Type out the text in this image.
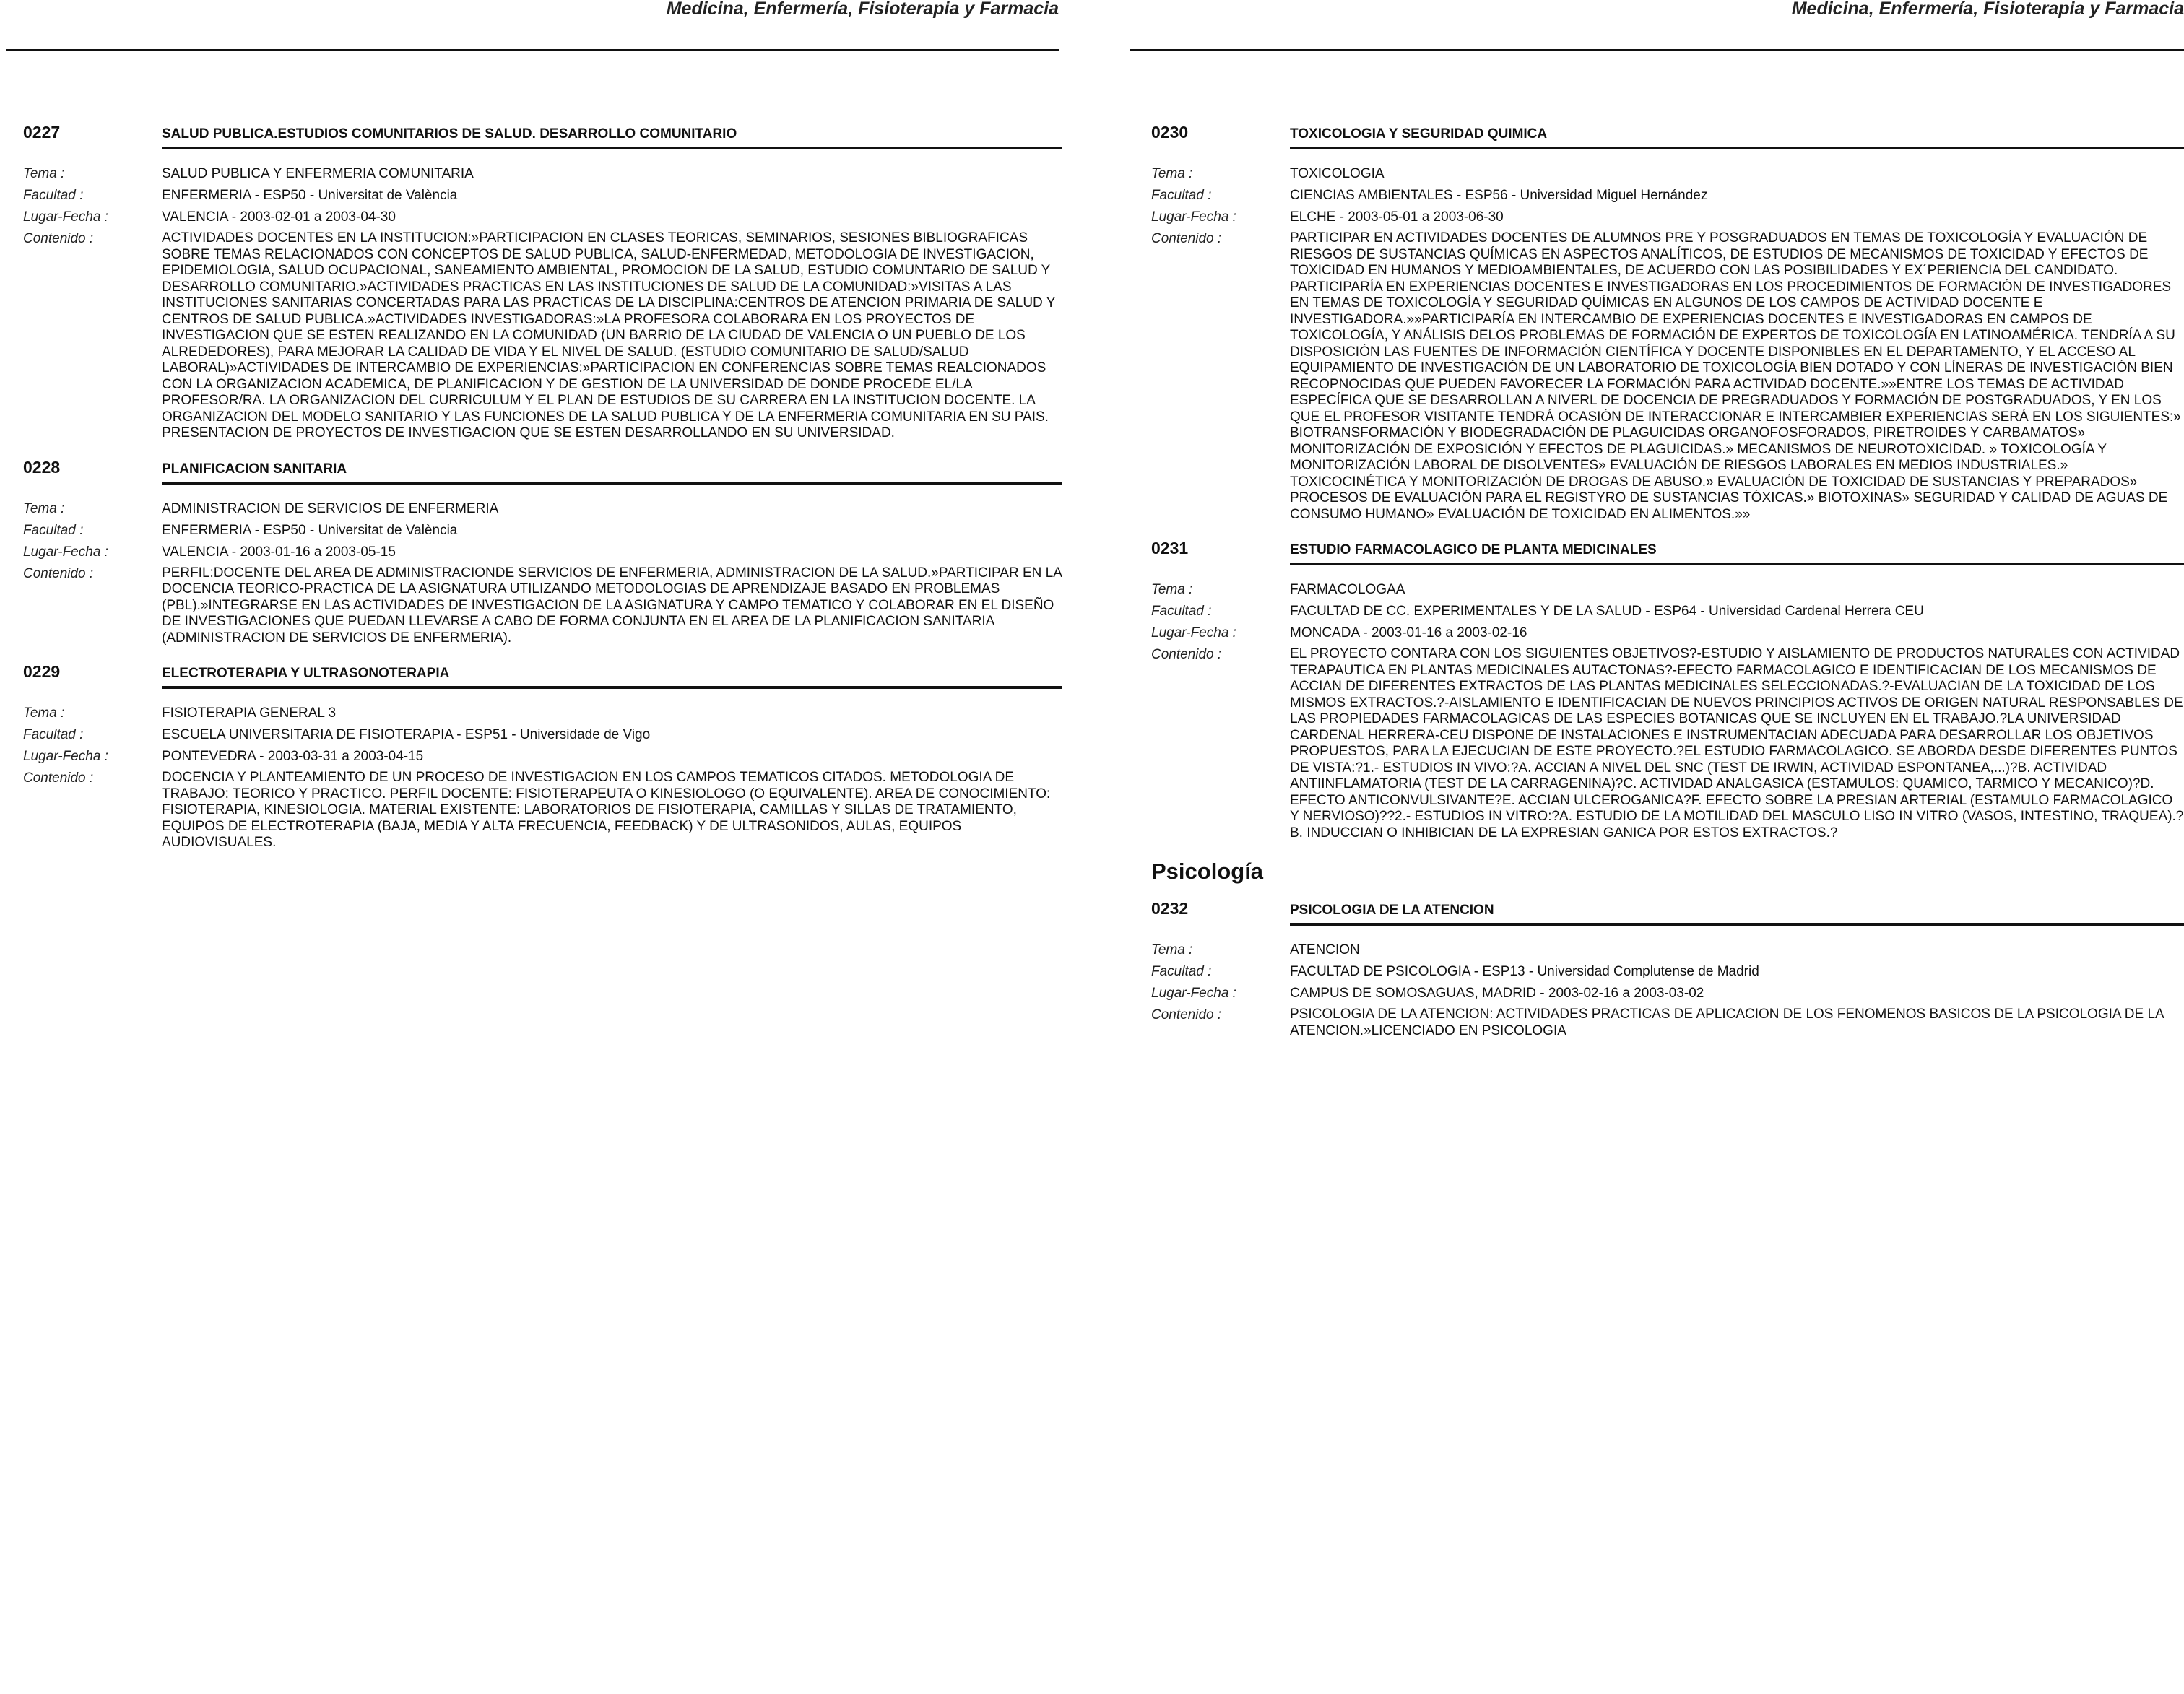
Medicina, Enfermería, Fisioterapia y Farmacia
0227	SALUD PUBLICA.ESTUDIOS COMUNITARIOS DE SALUD. DESARROLLO COMUNITARIO
Tema :	SALUD PUBLICA Y ENFERMERIA COMUNITARIA
Facultad :	ENFERMERIA - ESP50 - Universitat de València
Lugar-Fecha :	VALENCIA - 2003-02-01 a 2003-04-30
Contenido :	ACTIVIDADES DOCENTES EN LA INSTITUCION:»PARTICIPACION EN CLASES TEORICAS, SEMINARIOS, SESIONES BIBLIOGRAFICAS SOBRE TEMAS RELACIONADOS CON CONCEPTOS DE SALUD PUBLICA, SALUD-ENFERMEDAD, METODOLOGIA DE INVESTIGACION, EPIDEMIOLOGIA, SALUD OCUPACIONAL, SANEAMIENTO AMBIENTAL, PROMOCION DE LA SALUD, ESTUDIO COMUNTARIO DE SALUD Y DESARROLLO COMUNITARIO.»ACTIVIDADES PRACTICAS EN LAS INSTITUCIONES DE SALUD DE LA COMUNIDAD:»VISITAS A LAS INSTITUCIONES SANITARIAS CONCERTADAS PARA LAS PRACTICAS DE LA DISCIPLINA:CENTROS DE ATENCION PRIMARIA DE SALUD Y CENTROS DE SALUD PUBLICA.»ACTIVIDADES INVESTIGADORAS:»LA PROFESORA COLABORARA EN LOS PROYECTOS DE INVESTIGACION QUE SE ESTEN REALIZANDO EN LA COMUNIDAD (UN BARRIO DE LA CIUDAD DE VALENCIA O UN PUEBLO DE LOS ALREDEDORES), PARA MEJORAR LA CALIDAD DE VIDA Y EL NIVEL DE SALUD. (ESTUDIO COMUNITARIO DE SALUD/SALUD LABORAL)»ACTIVIDADES DE INTERCAMBIO DE EXPERIENCIAS:»PARTICIPACION EN CONFERENCIAS SOBRE TEMAS REALCIONADOS CON LA ORGANIZACION ACADEMICA, DE PLANIFICACION Y DE GESTION DE LA UNIVERSIDAD DE DONDE PROCEDE EL/LA PROFESOR/RA. LA ORGANIZACION DEL CURRICULUM Y EL PLAN DE ESTUDIOS DE SU CARRERA EN LA INSTITUCION DOCENTE. LA ORGANIZACION DEL MODELO SANITARIO Y LAS FUNCIONES DE LA SALUD PUBLICA Y DE LA ENFERMERIA COMUNITARIA EN SU PAIS. PRESENTACION DE PROYECTOS DE INVESTIGACION QUE SE ESTEN DESARROLLANDO EN SU UNIVERSIDAD.
0228	PLANIFICACION SANITARIA
Tema :	ADMINISTRACION DE SERVICIOS DE ENFERMERIA
Facultad :	ENFERMERIA - ESP50 - Universitat de València
Lugar-Fecha :	VALENCIA - 2003-01-16 a 2003-05-15
Contenido :	PERFIL:DOCENTE DEL AREA DE ADMINISTRACIONDE SERVICIOS DE ENFERMERIA, ADMINISTRACION DE LA SALUD.»PARTICIPAR EN LA DOCENCIA TEORICO-PRACTICA DE LA ASIGNATURA UTILIZANDO METODOLOGIAS DE APRENDIZAJE BASADO EN PROBLEMAS (PBL).»INTEGRARSE EN LAS ACTIVIDADES DE INVESTIGACION DE LA ASIGNATURA Y CAMPO TEMATICO Y COLABORAR EN EL DISEÑO DE INVESTIGACIONES QUE PUEDAN LLEVARSE A CABO DE FORMA CONJUNTA EN EL AREA DE LA PLANIFICACION SANITARIA (ADMINISTRACION DE SERVICIOS DE ENFERMERIA).
0229	ELECTROTERAPIA Y ULTRASONOTERAPIA
Tema :	FISIOTERAPIA GENERAL 3
Facultad :	ESCUELA UNIVERSITARIA DE FISIOTERAPIA - ESP51 - Universidade de Vigo
Lugar-Fecha :	PONTEVEDRA - 2003-03-31 a 2003-04-15
Contenido :	DOCENCIA Y PLANTEAMIENTO DE UN PROCESO DE INVESTIGACION EN LOS CAMPOS TEMATICOS CITADOS. METODOLOGIA DE TRABAJO: TEORICO Y PRACTICO. PERFIL DOCENTE: FISIOTERAPEUTA O KINESIOLOGO (O EQUIVALENTE). AREA DE CONOCIMIENTO: FISIOTERAPIA, KINESIOLOGIA. MATERIAL EXISTENTE: LABORATORIOS DE FISIOTERAPIA, CAMILLAS Y SILLAS DE TRATAMIENTO, EQUIPOS DE ELECTROTERAPIA (BAJA, MEDIA Y ALTA FRECUENCIA, FEEDBACK) Y DE ULTRASONIDOS, AULAS, EQUIPOS AUDIOVISUALES.
Medicina, Enfermería, Fisioterapia y Farmacia
0230	TOXICOLOGIA Y SEGURIDAD QUIMICA
Tema :	TOXICOLOGIA
Facultad :	CIENCIAS AMBIENTALES - ESP56 - Universidad Miguel Hernández
Lugar-Fecha :	ELCHE - 2003-05-01 a 2003-06-30
Contenido :	PARTICIPAR EN ACTIVIDADES DOCENTES DE ALUMNOS PRE Y POSGRADUADOS EN TEMAS DE TOXICOLOGÍA Y EVALUACIÓN DE RIESGOS DE SUSTANCIAS QUÍMICAS EN ASPECTOS ANALÍTICOS, DE ESTUDIOS DE MECANISMOS DE TOXICIDAD Y EFECTOS DE TOXICIDAD EN HUMANOS Y MEDIOAMBIENTALES, DE ACUERDO CON LAS POSIBILIDADES Y EX´PERIENCIA DEL CANDIDATO. PARTICIPARÍA EN EXPERIENCIAS DOCENTES E INVESTIGADORAS EN LOS PROCEDIMIENTOS DE FORMACIÓN DE INVESTIGADORES EN TEMAS DE TOXICOLOGÍA Y SEGURIDAD QUÍMICAS EN ALGUNOS DE LOS CAMPOS DE ACTIVIDAD DOCENTE E INVESTIGADORA.»»PARTICIPARÍA EN INTERCAMBIO DE EXPERIENCIAS DOCENTES E INVESTIGADORAS EN CAMPOS DE TOXICOLOGÍA, Y ANÁLISIS DELOS PROBLEMAS DE FORMACIÓN DE EXPERTOS DE TOXICOLOGÍA EN LATINOAMÉRICA. TENDRÍA A SU DISPOSICIÓN LAS FUENTES DE INFORMACIÓN CIENTÍFICA Y DOCENTE DISPONIBLES EN EL DEPARTAMENTO, Y EL ACCESO AL EQUIPAMIENTO DE INVESTIGACIÓN DE UN LABORATORIO DE TOXICOLOGÍA BIEN DOTADO Y CON LÍNERAS DE INVESTIGACIÓN BIEN RECOPNOCIDAS QUE PUEDEN FAVORECER LA FORMACIÓN PARA ACTIVIDAD DOCENTE.»»ENTRE LOS TEMAS DE ACTIVIDAD ESPECÍFICA QUE SE DESARROLLAN A NIVERL DE DOCENCIA DE PREGRADUADOS Y FORMACIÓN DE POSTGRADUADOS, Y EN LOS QUE EL PROFESOR VISITANTE TENDRÁ OCASIÓN DE INTERACCIONAR E INTERCAMBIER EXPERIENCIAS SERÁ EN LOS SIGUIENTES:» BIOTRANSFORMACIÓN Y BIODEGRADACIÓN DE PLAGUICIDAS ORGANOFOSFORADOS, PIRETROIDES Y CARBAMATOS» MONITORIZACIÓN DE EXPOSICIÓN Y EFECTOS DE PLAGUICIDAS.» MECANISMOS DE NEUROTOXICIDAD. » TOXICOLOGÍA Y MONITORIZACIÓN LABORAL DE DISOLVENTES» EVALUACIÓN DE RIESGOS LABORALES EN MEDIOS INDUSTRIALES.» TOXICOCINÉTICA Y MONITORIZACIÓN DE DROGAS DE ABUSO.» EVALUACIÓN DE TOXICIDAD DE SUSTANCIAS Y PREPARADOS» PROCESOS DE EVALUACIÓN PARA EL REGISTYRO DE SUSTANCIAS TÓXICAS.» BIOTOXINAS» SEGURIDAD Y CALIDAD DE AGUAS DE CONSUMO HUMANO» EVALUACIÓN DE TOXICIDAD EN ALIMENTOS.»»
0231	ESTUDIO FARMACOLAGICO DE PLANTA MEDICINALES
Tema :	FARMACOLOGAA
Facultad :	FACULTAD DE CC. EXPERIMENTALES Y DE LA SALUD - ESP64 - Universidad Cardenal Herrera CEU
Lugar-Fecha :	MONCADA - 2003-01-16 a 2003-02-16
Contenido :	EL PROYECTO CONTARA CON LOS SIGUIENTES OBJETIVOS?-ESTUDIO Y AISLAMIENTO DE PRODUCTOS NATURALES CON ACTIVIDAD TERAPAUTICA EN PLANTAS MEDICINALES AUTACTONAS?-EFECTO FARMACOLAGICO E IDENTIFICACIAN DE LOS MECANISMOS DE ACCIAN DE DIFERENTES EXTRACTOS DE LAS PLANTAS MEDICINALES SELECCIONADAS.?-EVALUACIAN DE LA TOXICIDAD DE LOS MISMOS EXTRACTOS.?-AISLAMIENTO E IDENTIFICACIAN DE NUEVOS PRINCIPIOS ACTIVOS DE ORIGEN NATURAL RESPONSABLES DE LAS PROPIEDADES FARMACOLAGICAS DE LAS ESPECIES BOTANICAS QUE SE INCLUYEN EN EL TRABAJO.?LA UNIVERSIDAD CARDENAL HERRERA-CEU DISPONE DE INSTALACIONES E INSTRUMENTACIAN ADECUADA PARA DESARROLLAR LOS OBJETIVOS PROPUESTOS, PARA LA EJECUCIAN DE ESTE PROYECTO.?EL ESTUDIO FARMACOLAGICO. SE ABORDA DESDE DIFERENTES PUNTOS DE VISTA:?1.- ESTUDIOS IN VIVO:?A. ACCIAN A NIVEL DEL SNC (TEST DE IRWIN, ACTIVIDAD ESPONTANEA,...)?B. ACTIVIDAD ANTIINFLAMATORIA (TEST DE LA CARRAGENINA)?C. ACTIVIDAD ANALGASICA (ESTAMULOS: QUAMICO, TARMICO Y MECANICO)?D. EFECTO ANTICONVULSIVANTE?E. ACCIAN ULCEROGANICA?F. EFECTO SOBRE LA PRESIAN ARTERIAL (ESTAMULO FARMACOLAGICO Y NERVIOSO)??2.- ESTUDIOS IN VITRO:?A. ESTUDIO DE LA MOTILIDAD DEL MASCULO LISO IN VITRO (VASOS, INTESTINO, TRAQUEA).?B. INDUCCIAN O INHIBICIAN DE LA EXPRESIAN GANICA POR ESTOS EXTRACTOS.?
Psicología
0232	PSICOLOGIA DE LA ATENCION
Tema :	ATENCION
Facultad :	FACULTAD DE PSICOLOGIA - ESP13 - Universidad Complutense de Madrid
Lugar-Fecha :	CAMPUS DE SOMOSAGUAS, MADRID - 2003-02-16 a 2003-03-02
Contenido :	PSICOLOGIA DE LA ATENCION: ACTIVIDADES PRACTICAS DE APLICACION DE LOS FENOMENOS BASICOS DE LA PSICOLOGIA DE LA ATENCION.»LICENCIADO EN PSICOLOGIA
